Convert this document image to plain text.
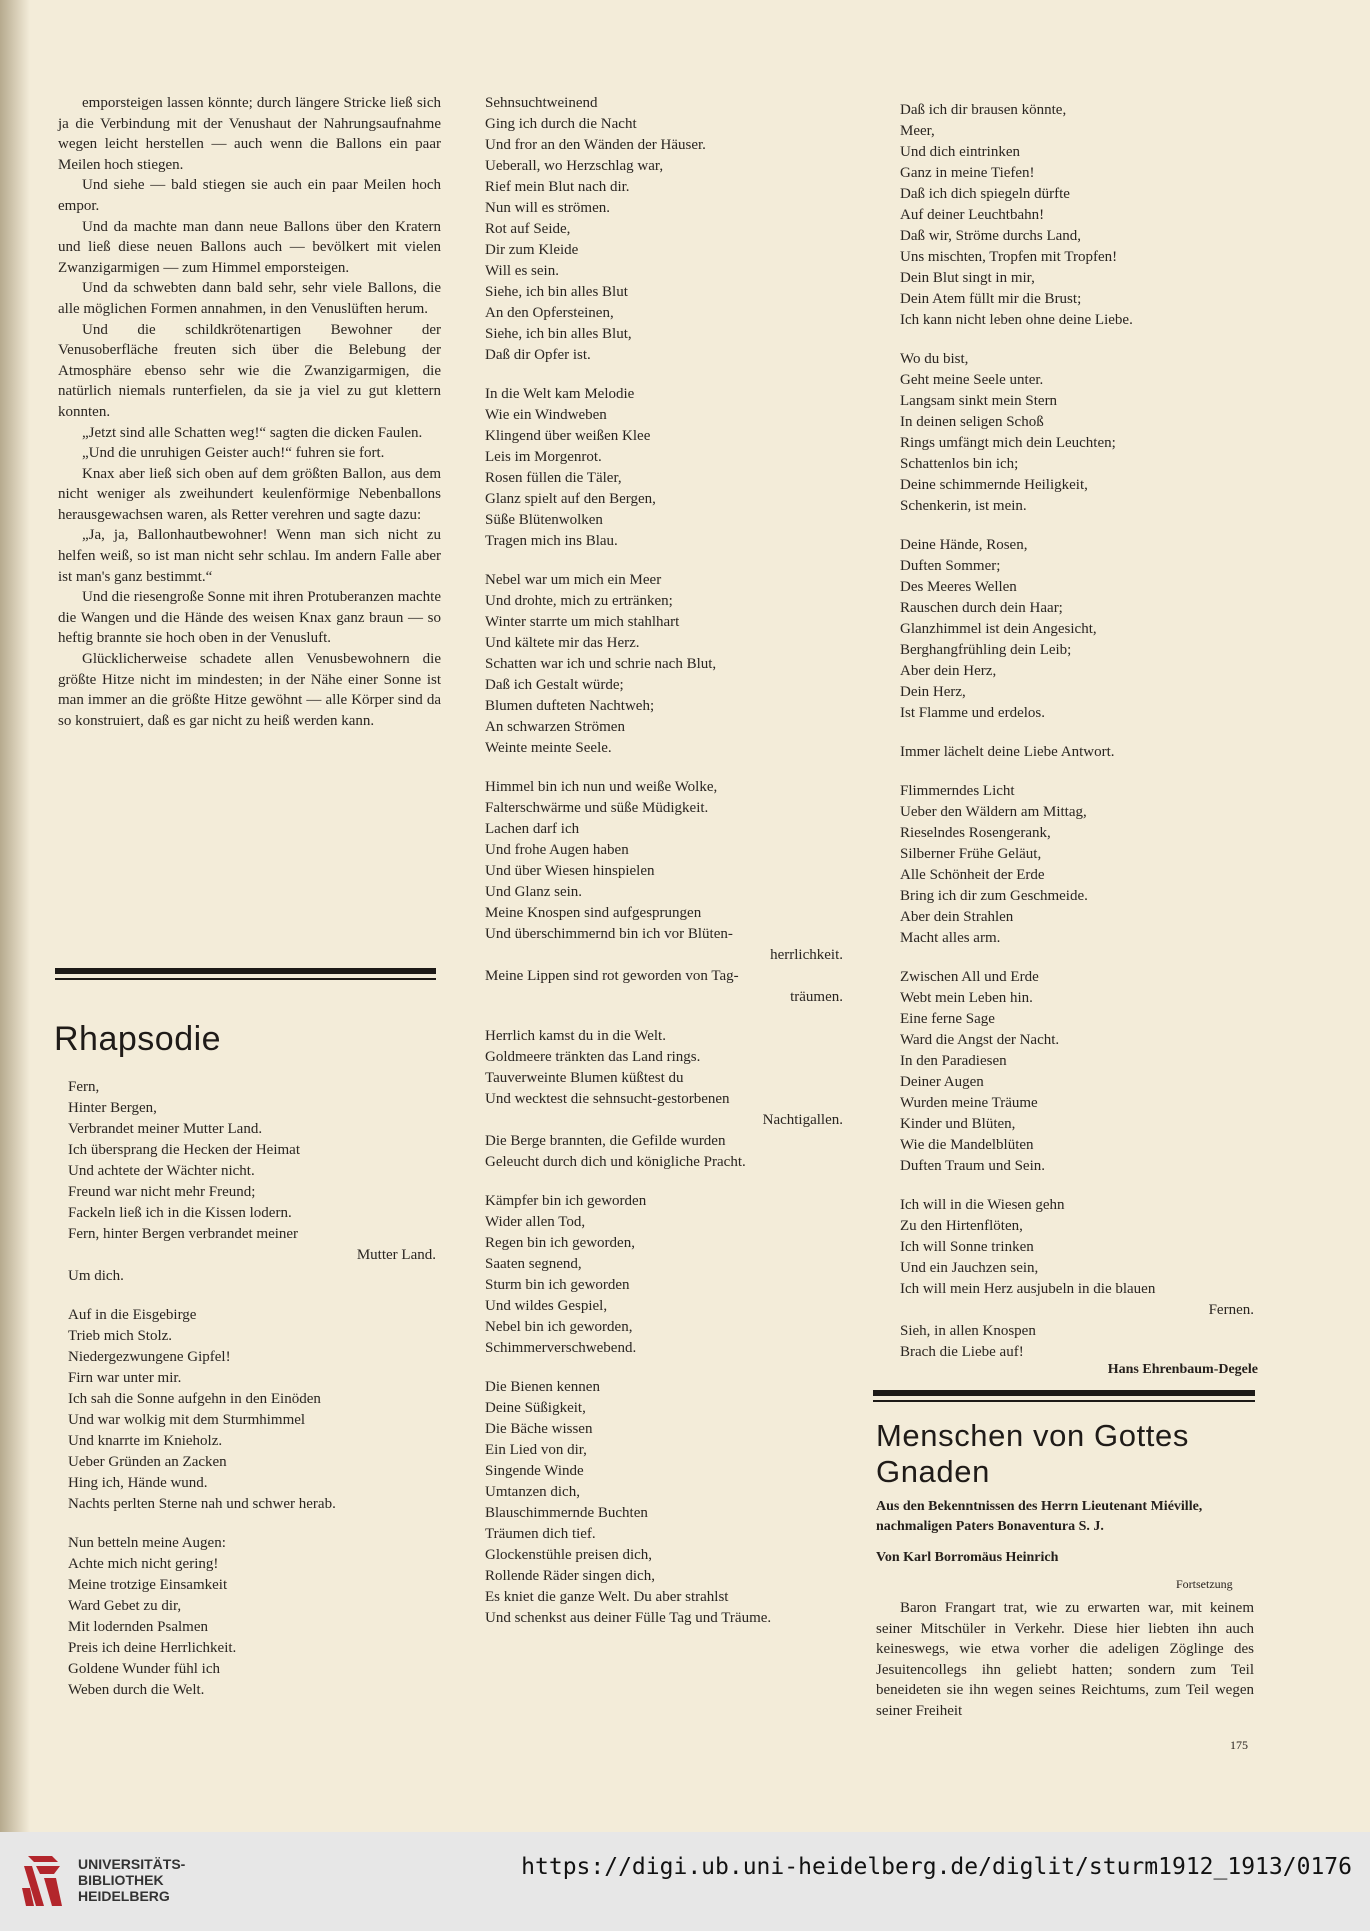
emporsteigen lassen könnte; durch längere Stricke ließ sich ja die Verbindung mit der Venushaut der Nahrungsaufnahme wegen leicht herstellen — auch wenn die Ballons ein paar Meilen hoch stiegen.

Und siehe — bald stiegen sie auch ein paar Meilen hoch empor.

Und da machte man dann neue Ballons über den Kratern und ließ diese neuen Ballons auch — bevölkert mit vielen Zwanzigarmigen — zum Himmel emporsteigen.

Und da schwebten dann bald sehr, sehr viele Ballons, die alle möglichen Formen annahmen, in den Venuslüften herum.

Und die schildkrötenartigen Bewohner der Venusoberfläche freuten sich über die Belebung der Atmosphäre ebenso sehr wie die Zwanzigarmigen, die natürlich niemals runterfielen, da sie ja viel zu gut klettern konnten.

„Jetzt sind alle Schatten weg!“ sagten die dicken Faulen.

„Und die unruhigen Geister auch!“ fuhren sie fort.

Knax aber ließ sich oben auf dem größten Ballon, aus dem nicht weniger als zweihundert keulenförmige Nebenballons herausgewachsen waren, als Retter verehren und sagte dazu:

„Ja, ja, Ballonhautbewohner! Wenn man sich nicht zu helfen weiß, so ist man nicht sehr schlau. Im andern Falle aber ist man's ganz bestimmt.“

Und die riesengroße Sonne mit ihren Protuberanzen machte die Wangen und die Hände des weisen Knax ganz braun — so heftig brannte sie hoch oben in der Venusluft.

Glücklicherweise schadete allen Venusbewohnern die größte Hitze nicht im mindesten; in der Nähe einer Sonne ist man immer an die größte Hitze gewöhnt — alle Körper sind da so konstruiert, daß es gar nicht zu heiß werden kann.

Rhapsodie
Fern,
Hinter Bergen,
Verbrandet meiner Mutter Land.
Ich übersprang die Hecken der Heimat
Und achtete der Wächter nicht.
Freund war nicht mehr Freund;
Fackeln ließ ich in die Kissen lodern.
Fern, hinter Bergen verbrandet meiner
Mutter Land.
Um dich.
Auf in die Eisgebirge
Trieb mich Stolz.
Niedergezwungene Gipfel!
Firn war unter mir.
Ich sah die Sonne aufgehn in den Einöden
Und war wolkig mit dem Sturmhimmel
Und knarrte im Knieholz.
Ueber Gründen an Zacken
Hing ich, Hände wund.
Nachts perlten Sterne nah und schwer herab.
Nun betteln meine Augen:
Achte mich nicht gering!
Meine trotzige Einsamkeit
Ward Gebet zu dir,
Mit lodernden Psalmen
Preis ich deine Herrlichkeit.
Goldene Wunder fühl ich
Weben durch die Welt.
Sehnsuchtweinend
Ging ich durch die Nacht
Und fror an den Wänden der Häuser.
Ueberall, wo Herzschlag war,
Rief mein Blut nach dir.
Nun will es strömen.
Rot auf Seide,
Dir zum Kleide
Will es sein.
Siehe, ich bin alles Blut
An den Opfersteinen,
Siehe, ich bin alles Blut,
Daß dir Opfer ist.
In die Welt kam Melodie
Wie ein Windweben
Klingend über weißen Klee
Leis im Morgenrot.
Rosen füllen die Täler,
Glanz spielt auf den Bergen,
Süße Blütenwolken
Tragen mich ins Blau.
Nebel war um mich ein Meer
Und drohte, mich zu ertränken;
Winter starrte um mich stahlhart
Und kältete mir das Herz.
Schatten war ich und schrie nach Blut,
Daß ich Gestalt würde;
Blumen dufteten Nachtweh;
An schwarzen Strömen
Weinte meinte Seele.
Himmel bin ich nun und weiße Wolke,
Falterschwärme und süße Müdigkeit.
Lachen darf ich
Und frohe Augen haben
Und über Wiesen hinspielen
Und Glanz sein.
Meine Knospen sind aufgesprungen
Und überschimmernd bin ich vor Blüten-
herrlichkeit.
Meine Lippen sind rot geworden von Tag-
träumen.
Herrlich kamst du in die Welt.
Goldmeere tränkten das Land rings.
Tauverweinte Blumen küßtest du
Und wecktest die sehnsucht-gestorbenen
Nachtigallen.
Die Berge brannten, die Gefilde wurden
Geleucht durch dich und königliche Pracht.
Kämpfer bin ich geworden
Wider allen Tod,
Regen bin ich geworden,
Saaten segnend,
Sturm bin ich geworden
Und wildes Gespiel,
Nebel bin ich geworden,
Schimmerverschwebend.
Die Bienen kennen
Deine Süßigkeit,
Die Bäche wissen
Ein Lied von dir,
Singende Winde
Umtanzen dich,
Blauschimmernde Buchten
Träumen dich tief.
Glockenstühle preisen dich,
Rollende Räder singen dich,
Es kniet die ganze Welt. Du aber strahlst
Und schenkst aus deiner Fülle Tag und Träume.
Daß ich dir brausen könnte,
Meer,
Und dich eintrinken
Ganz in meine Tiefen!
Daß ich dich spiegeln dürfte
Auf deiner Leuchtbahn!
Daß wir, Ströme durchs Land,
Uns mischten, Tropfen mit Tropfen!
Dein Blut singt in mir,
Dein Atem füllt mir die Brust;
Ich kann nicht leben ohne deine Liebe.
Wo du bist,
Geht meine Seele unter.
Langsam sinkt mein Stern
In deinen seligen Schoß
Rings umfängt mich dein Leuchten;
Schattenlos bin ich;
Deine schimmernde Heiligkeit,
Schenkerin, ist mein.
Deine Hände, Rosen,
Duften Sommer;
Des Meeres Wellen
Rauschen durch dein Haar;
Glanzhimmel ist dein Angesicht,
Berghangfrühling dein Leib;
Aber dein Herz,
Dein Herz,
Ist Flamme und erdelos.
Immer lächelt deine Liebe Antwort.
Flimmerndes Licht
Ueber den Wäldern am Mittag,
Rieselndes Rosengerank,
Silberner Frühe Geläut,
Alle Schönheit der Erde
Bring ich dir zum Geschmeide.
Aber dein Strahlen
Macht alles arm.
Zwischen All und Erde
Webt mein Leben hin.
Eine ferne Sage
Ward die Angst der Nacht.
In den Paradiesen
Deiner Augen
Wurden meine Träume
Kinder und Blüten,
Wie die Mandelblüten
Duften Traum und Sein.
Ich will in die Wiesen gehn
Zu den Hirtenflöten,
Ich will Sonne trinken
Und ein Jauchzen sein,
Ich will mein Herz ausjubeln in die blauen
Fernen.
Sieh, in allen Knospen
Brach die Liebe auf!
Hans Ehrenbaum-Degele
Menschen von Gottes Gnaden
Aus den Bekenntnissen des Herrn Lieutenant Miéville, nachmaligen Paters Bonaventura S. J.
Von Karl Borromäus Heinrich
Fortsetzung

Baron Frangart trat, wie zu erwarten war, mit keinem seiner Mitschüler in Verkehr. Diese hier liebten ihn auch keineswegs, wie etwa vorher die adeligen Zöglinge des Jesuitencollegs ihn geliebt hatten; sondern zum Teil beneideten sie ihn wegen seines Reichtums, zum Teil wegen seiner Freiheit

175
UNIVERSITÄTS-
BIBLIOTHEK
HEIDELBERG
https://digi.ub.uni-heidelberg.de/diglit/sturm1912_1913/0176
